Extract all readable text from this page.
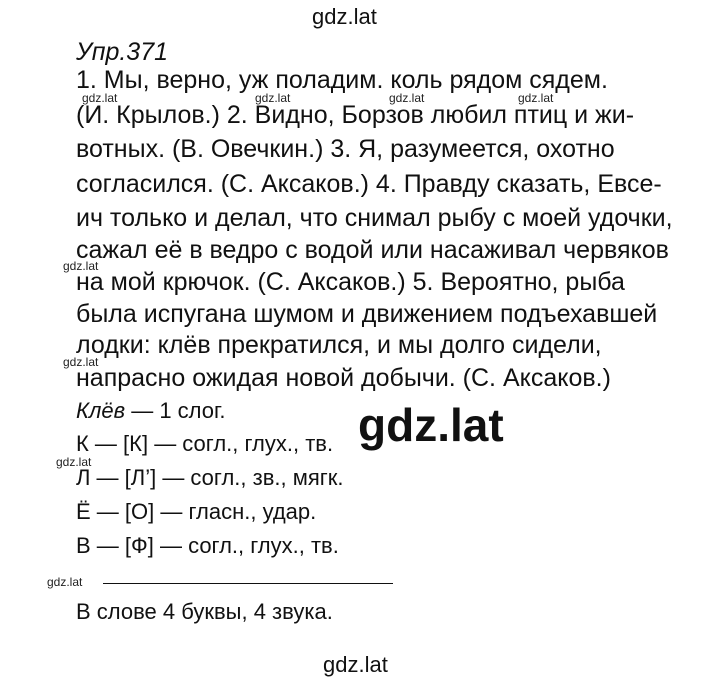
gdz.lat
Упр.371
1. Мы, верно, уж поладим. коль рядом сядем.
(И. Крылов.) 2. Видно, Борзов любил птиц и жи-
вотных. (В. Овечкин.) 3. Я, разумеется, охотно
согласился. (С. Аксаков.) 4. Правду сказать, Евсе-
ич только и делал, что снимал рыбу с моей удочки,
сажал её в ведро с водой или насаживал червяков
на мой крючок. (С. Аксаков.) 5. Вероятно, рыба
была испугана шумом и движением подъехавшей
лодки: клёв прекратился, и мы долго сидели,
напрасно ожидая новой добычи. (С. Аксаков.)
Клёв — 1 слог.
К — [К] — согл., глух., тв.
Л — [Л’] — согл., зв., мягк.
Ё — [О] — гласн., удар.
В — [Ф] — согл., глух., тв.
В слове 4 буквы, 4 звука.
gdz.lat
gdz.lat	gdz.lat	gdz.lat	gdz.lat
gdz.lat
gdz.lat
gdz.lat
gdz.lat
gdz.lat
